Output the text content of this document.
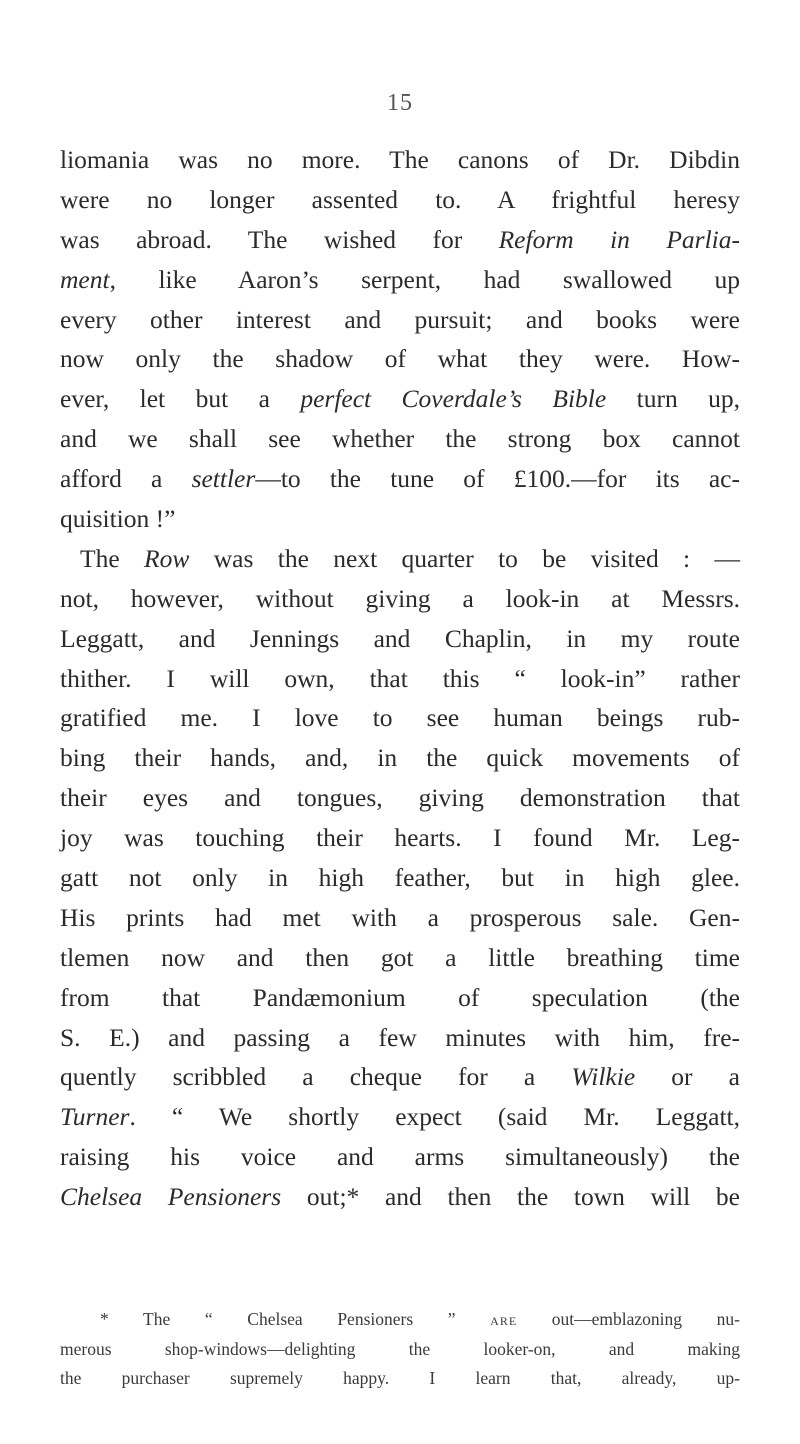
15
liomania was no more. The canons of Dr. Dibdin
were no longer assented to. A frightful heresy
was abroad. The wished for Reform in Parlia-
ment, like Aaron’s serpent, had swallowed up
every other interest and pursuit; and books were
now only the shadow of what they were. How-
ever, let but a perfect Coverdale’s Bible turn up,
and we shall see whether the strong box cannot
afford a settler—to the tune of £100.—for its ac-
quisition !”
The Row was the next quarter to be visited : —
not, however, without giving a look-in at Messrs.
Leggatt, and Jennings and Chaplin, in my route
thither. I will own, that this “ look-in” rather
gratified me. I love to see human beings rub-
bing their hands, and, in the quick movements of
their eyes and tongues, giving demonstration that
joy was touching their hearts. I found Mr. Leg-
gatt not only in high feather, but in high glee.
His prints had met with a prosperous sale. Gen-
tlemen now and then got a little breathing time
from that Pandæmonium of speculation (the
S. E.) and passing a few minutes with him, fre-
quently scribbled a cheque for a Wilkie or a
Turner. “ We shortly expect (said Mr. Leggatt,
raising his voice and arms simultaneously) the
Chelsea Pensioners out;* and then the town will be
* The “ Chelsea Pensioners ” are out—emblazoning nu-
merous shop-windows—delighting the looker-on, and making
the purchaser supremely happy. I learn that, already, up-
